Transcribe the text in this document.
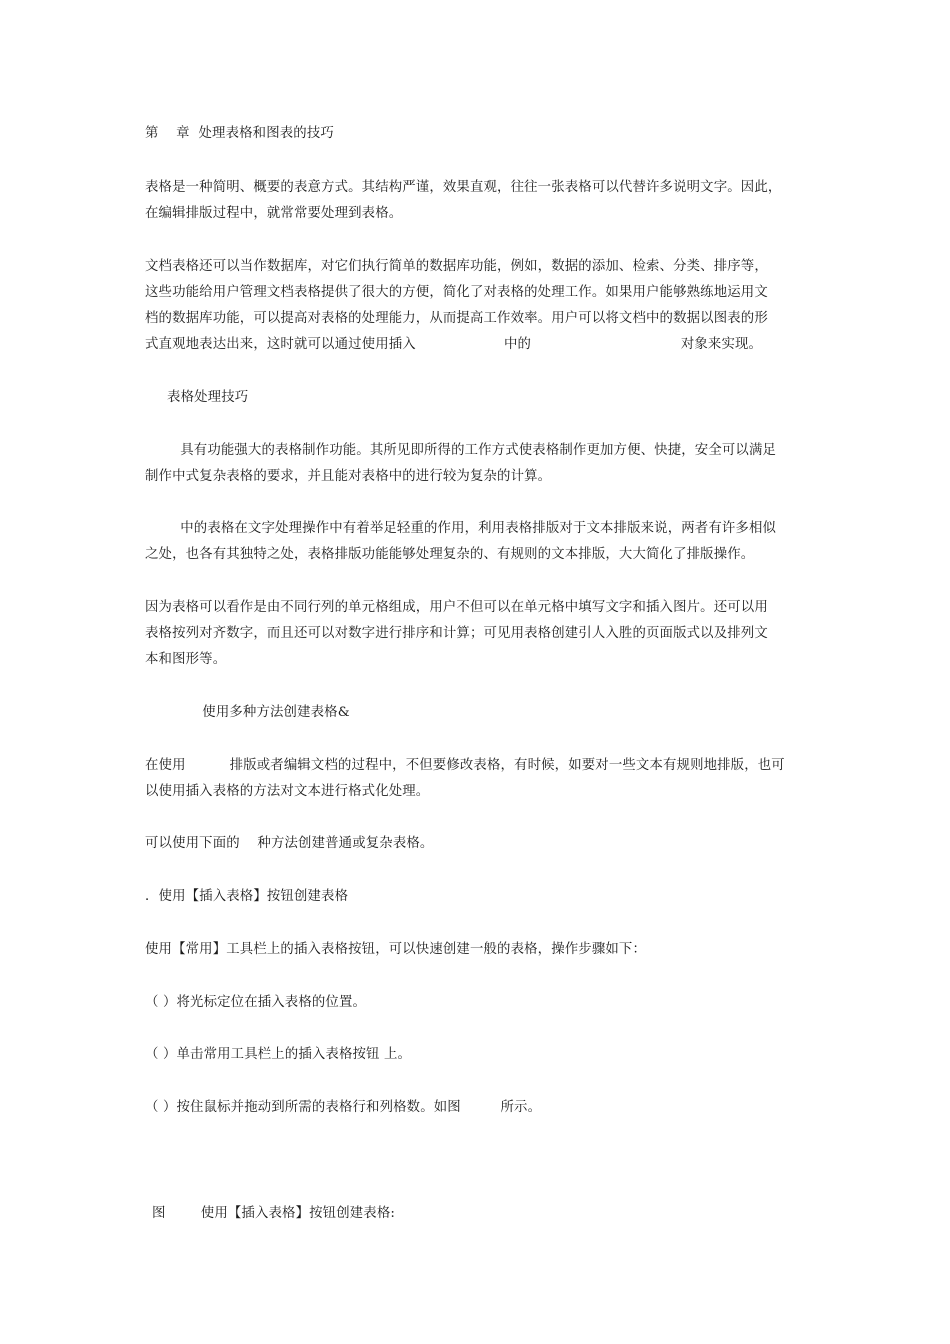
第    章  处理表格和图表的技巧
表格是一种简明、概要的表意方式。其结构严谨，效果直观，往往一张表格可以代替许多说明文字。因此，
在编辑排版过程中，就常常要处理到表格。
文档表格还可以当作数据库，对它们执行简单的数据库功能，例如，数据的添加、检索、分类、排序等，
这些功能给用户管理文档表格提供了很大的方便，简化了对表格的处理工作。如果用户能够熟练地运用文
档的数据库功能，可以提高对表格的处理能力，从而提高工作效率。用户可以将文档中的数据以图表的形
式直观地表达出来，这时就可以通过使用插入                    中的                                  对象来实现。
表格处理技巧
具有功能强大的表格制作功能。其所见即所得的工作方式使表格制作更加方便、快捷，安全可以满足
制作中式复杂表格的要求，并且能对表格中的进行较为复杂的计算。
中的表格在文字处理操作中有着举足轻重的作用，利用表格排版对于文本排版来说，两者有许多相似
之处，也各有其独特之处，表格排版功能能够处理复杂的、有规则的文本排版，大大简化了排版操作。
因为表格可以看作是由不同行列的单元格组成，用户不但可以在单元格中填写文字和插入图片。还可以用
表格按列对齐数字，而且还可以对数字进行排序和计算；可见用表格创建引人入胜的页面版式以及排列文
本和图形等。
使用多种方法创建表格&
在使用          排版或者编辑文档的过程中，不但要修改表格，有时候，如要对一些文本有规则地排版，也可
以使用插入表格的方法对文本进行格式化处理。
可以使用下面的    种方法创建普通或复杂表格。
．使用【插入表格】按钮创建表格
使用【常用】工具栏上的插入表格按钮，可以快速创建一般的表格，操作步骤如下：
（ ）将光标定位在插入表格的位置。
（ ）单击常用工具栏上的插入表格按钮 上。
（ ）按住鼠标并拖动到所需的表格行和列格数。如图         所示。
图        使用【插入表格】按钮创建表格:
